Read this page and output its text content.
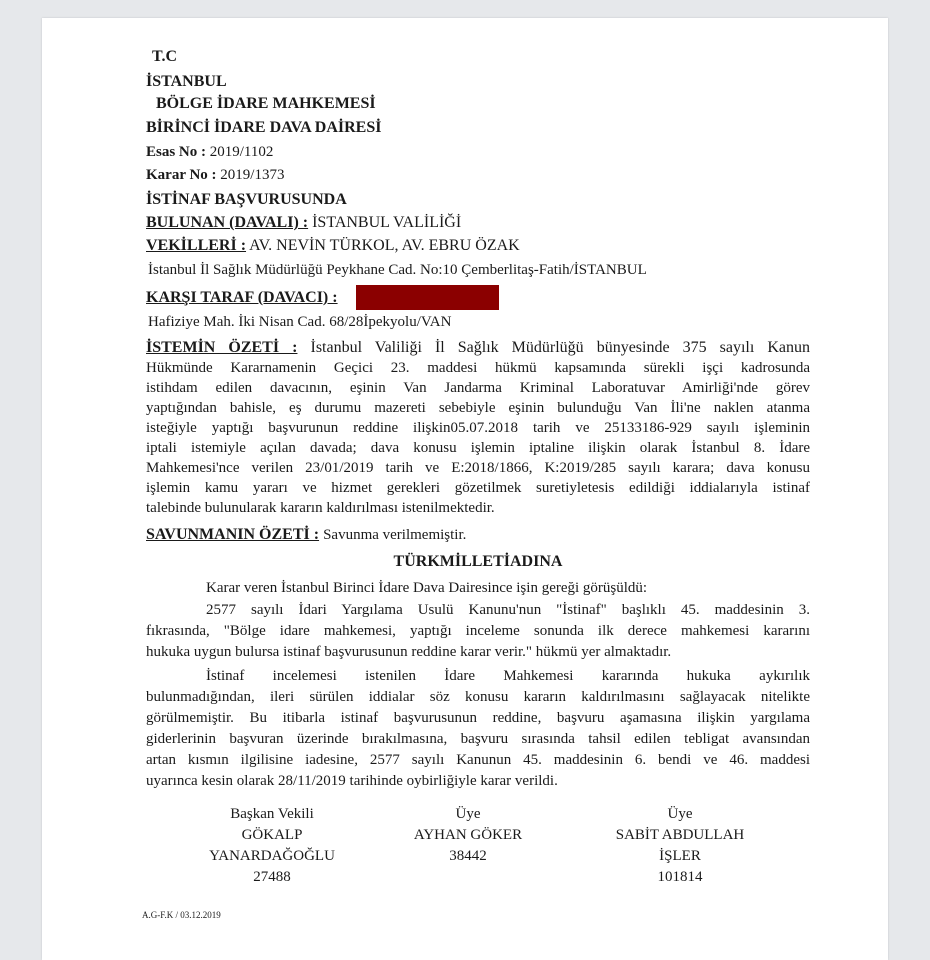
T.C
İSTANBUL
BÖLGE İDARE MAHKEMESİ
BİRİNCİ İDARE DAVA DAİRESİ
Esas No : 2019/1102
Karar No : 2019/1373
İSTİNAF BAŞVURUSUNDA
BULUNAN (DAVALI) : İSTANBUL VALİLİĞİ
VEKİLLERİ : AV. NEVİN TÜRKOL, AV. EBRU ÖZAK
İstanbul İl Sağlık Müdürlüğü Peykhane Cad. No:10 Çemberlitaş-Fatih/İSTANBUL
KARŞI TARAF (DAVACI) :
Hafiziye Mah. İki Nisan Cad. 68/28İpekyolu/VAN
İSTEMİN ÖZETİ : İstanbul Valiliği İl Sağlık Müdürlüğü bünyesinde 375 sayılı Kanun
Hükmünde Kararnamenin Geçici 23. maddesi hükmü kapsamında sürekli işçi kadrosunda
istihdam edilen davacının, eşinin Van Jandarma Kriminal Laboratuvar Amirliği'nde görev
yaptığından bahisle, eş durumu mazereti sebebiyle eşinin bulunduğu Van İli'ne naklen atanma
isteğiyle yaptığı başvurunun reddine ilişkin05.07.2018 tarih ve 25133186-929 sayılı işleminin
iptali istemiyle açılan davada; dava konusu işlemin iptaline ilişkin olarak İstanbul 8. İdare
Mahkemesi'nce verilen 23/01/2019 tarih ve E:2018/1866, K:2019/285 sayılı karara; dava konusu
işlemin kamu yararı ve hizmet gerekleri gözetilmek suretiyletesis edildiği iddialarıyla istinaf
talebinde bulunularak kararın kaldırılması istenilmektedir.
SAVUNMANIN ÖZETİ : Savunma verilmemiştir.
TÜRKMİLLETİADINA
Karar veren İstanbul Birinci İdare Dava Dairesince işin gereği görüşüldü:
2577 sayılı İdari Yargılama Usulü Kanunu'nun "İstinaf" başlıklı 45. maddesinin 3.
fıkrasında, "Bölge idare mahkemesi, yaptığı inceleme sonunda ilk derece mahkemesi kararını
hukuka uygun bulursa istinaf başvurusunun reddine karar verir." hükmü yer almaktadır.
İstinaf incelemesi istenilen İdare Mahkemesi kararında hukuka aykırılık
bulunmadığından, ileri sürülen iddialar söz konusu kararın kaldırılmasını sağlayacak nitelikte
görülmemiştir. Bu itibarla istinaf başvurusunun reddine, başvuru aşamasına ilişkin yargılama
giderlerinin başvuran üzerinde bırakılmasına, başvuru sırasında tahsil edilen tebligat avansından
artan kısmın ilgilisine iadesine, 2577 sayılı Kanunun 45. maddesinin 6. bendi ve 46. maddesi
uyarınca kesin olarak 28/11/2019 tarihinde oybirliğiyle karar verildi.
Başkan Vekili
GÖKALP
YANARDAĞOĞLU
27488
Üye
AYHAN GÖKER
38442
Üye
SABİT ABDULLAH
İŞLER
101814
A.G-F.K / 03.12.2019
